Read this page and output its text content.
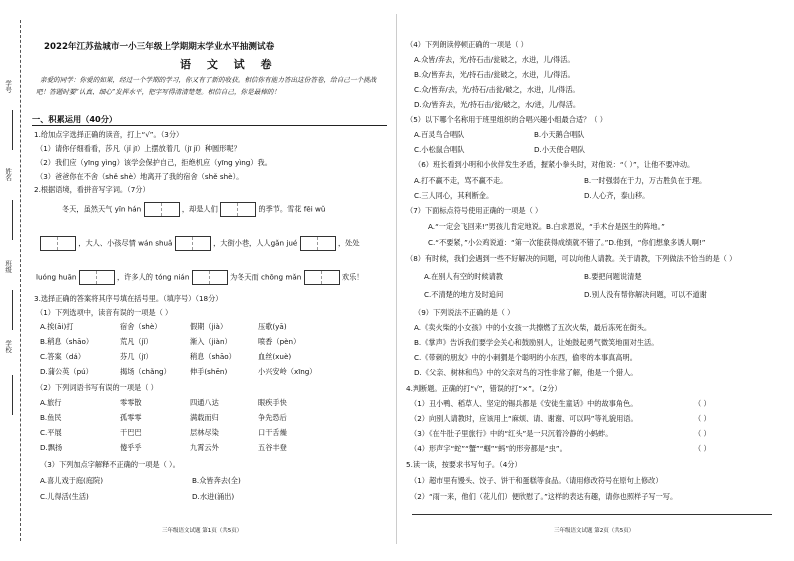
学号
姓名
班级
学校
2022年江苏盐城市一小三年级上学期期末学业水平抽测试卷
语 文 试 卷
亲爱的同学：你爱的如果，经过一个学期的学习，你又有了新的收获。相信你有能力答出这份答卷，给自己一个挑战
吧！答题时要“认真、细心”发挥水平，把字写得清清楚楚。相信自己，你是最棒的！
一、积累运用（40分）
1.给加点字选择正确的读音，打上“√”。（3分）
（1）请你仔细看看，莎凡（jǐ jī）上摆放着几（jī jǐ）种圆形呢？
（2）我们应（yīng yìng）该学会保护自己，拒绝机应（yīng yìng）我。
（3）爸爸你在不舍（shě shè）地离开了我的宿舍（shě shè）。
2.根据语境，看拼音写字词。（7分）
冬天，虽然天气 yīn hán	，却是人们	的季节。雪花 fēi wǔ
，大人、小孩尽情 wán shuǎ	，大街小巷，人人gǎn jué	，处处
luóng huān	，许多人的 tóng nián	为冬天而 chōng mǎn	欢乐！
3.选择正确的答案将其序号填在括号里。（填序号）（18分）
（1）下列选项中，读音有误的一项是（ ）
A.挨(āi)打	宿舍（shè）	假期（jià）	压歌(yā)
B.稍息（shāo）	荒凡（jǐ）	渐入（jiàn）	喷香（pèn）
C.答案（dá）	芬几（jī）	稍息（shāo）	血丝(xuè)
D.蒲公英（pú）	揭场（chǎng）	伸手(shēn)	小兴安岭（xīng）
（2）下列词语书写有误的一项是（ ）
A.旅行	零零散	四通八达	眼疾手快
B.鱼民	孤零零	满载而归	争先恐后
C.平展	干巴巴	层林尽染	口干舌燥
D.飘扬	傻乎乎	九霄云外	五谷丰登
（3）下列加点字解释不正确的一项是（ ）。
A.喜儿戏于庭(庭院)	B.众皆奔去(全)
C.儿得活(生活)	D.水迸(涌出)
三年级语文试题 第1页（共5页）
（4）下列朗读停顿正确的一项是（ ）
A.众皆/弃去，光/持石击/瓮破之，水迸，儿/得活。
B.众/皆弃去，光/持石击/瓮破之，水迸，儿/得活。
C.众/皆弃/去，光/持石/击瓮/破之，水迸，儿/得活。
D.众/皆弃去，光/持石击/瓮/破之，水/迸，儿/得活。
（5）以下哪个名称用于班里组织的合唱兴趣小组最合适？（ ）
A.百灵鸟合唱队	B.小天鹅合唱队
C.小松鼠合唱队	D.小天使合唱队
（6）班长看到小明和小伙伴发生矛盾，握紧小拳头时，对他说：“（ ）”，让他不要冲动。
A.打不赢不走，骂不赢不走。	B.一时强弱在于力，万古胜负在于理。
C.三人同心，其利断金。	D.人心齐，泰山移。
（7）下面标点符号使用正确的一项是（ ）
A.“一定会飞回来!”男孩儿肯定地说。B.白求恩说，“手术台是医生的阵地。”
C.“不要紧，”小公鸡说道：“第一次能获得成绩就不错了。”D.他到，“你们想象多诱人啊!”
（8）有时候，我们会遇到一些不好解决的问题，可以向他人请教。关于请教，下列做法不恰当的是（ ）
A.在别人有空的时候请教	B.要把问题说清楚
C.不清楚的地方及时追问	D.别人没有帮你解决问题，可以不道谢
（9）下列说法不正确的是（ ）
A.《卖火柴的小女孩》中的小女孩一共擦燃了五次火柴，最后冻死在街头。
B.《掌声》告诉我们要学会关心和鼓励别人，让她鼓起勇气微笑地面对生活。
C.《带刺的朋友》中的小刺猬是个聪明的小东西，偷枣的本事真高明。
D.《父亲、树林和鸟》中的父亲对鸟的习性非常了解，他是一个猎人。
4.判断题。正确的打“√”，错误的打“×”。（2分）
（1）丑小鸭、稻草人、坚定的锡兵都是《安徒生童话》中的故事角色。	（ ）
（2）向别人请教时，应该用上“麻烦、请、谢谢、可以吗”等礼貌用语。	（ ）
（3）《在牛肚子里旅行》中的“红头”是一只沉着冷静的小蚂蚱。	（ ）
（4）形声字“蛇”“蟹”“蝈”“蚂”的形旁都是“虫”。	（ ）
5.读一读，按要求书写句子。（4分）
（1）超市里有馒头、饺子、饼干和蛋糕等食品。（请用修改符号在原句上修改）
（2）“雨一来，他们（花儿们）便欣慰了。”这样的表达有趣，请你也照样子写一写。
三年级语文试题 第2页（共5页）
